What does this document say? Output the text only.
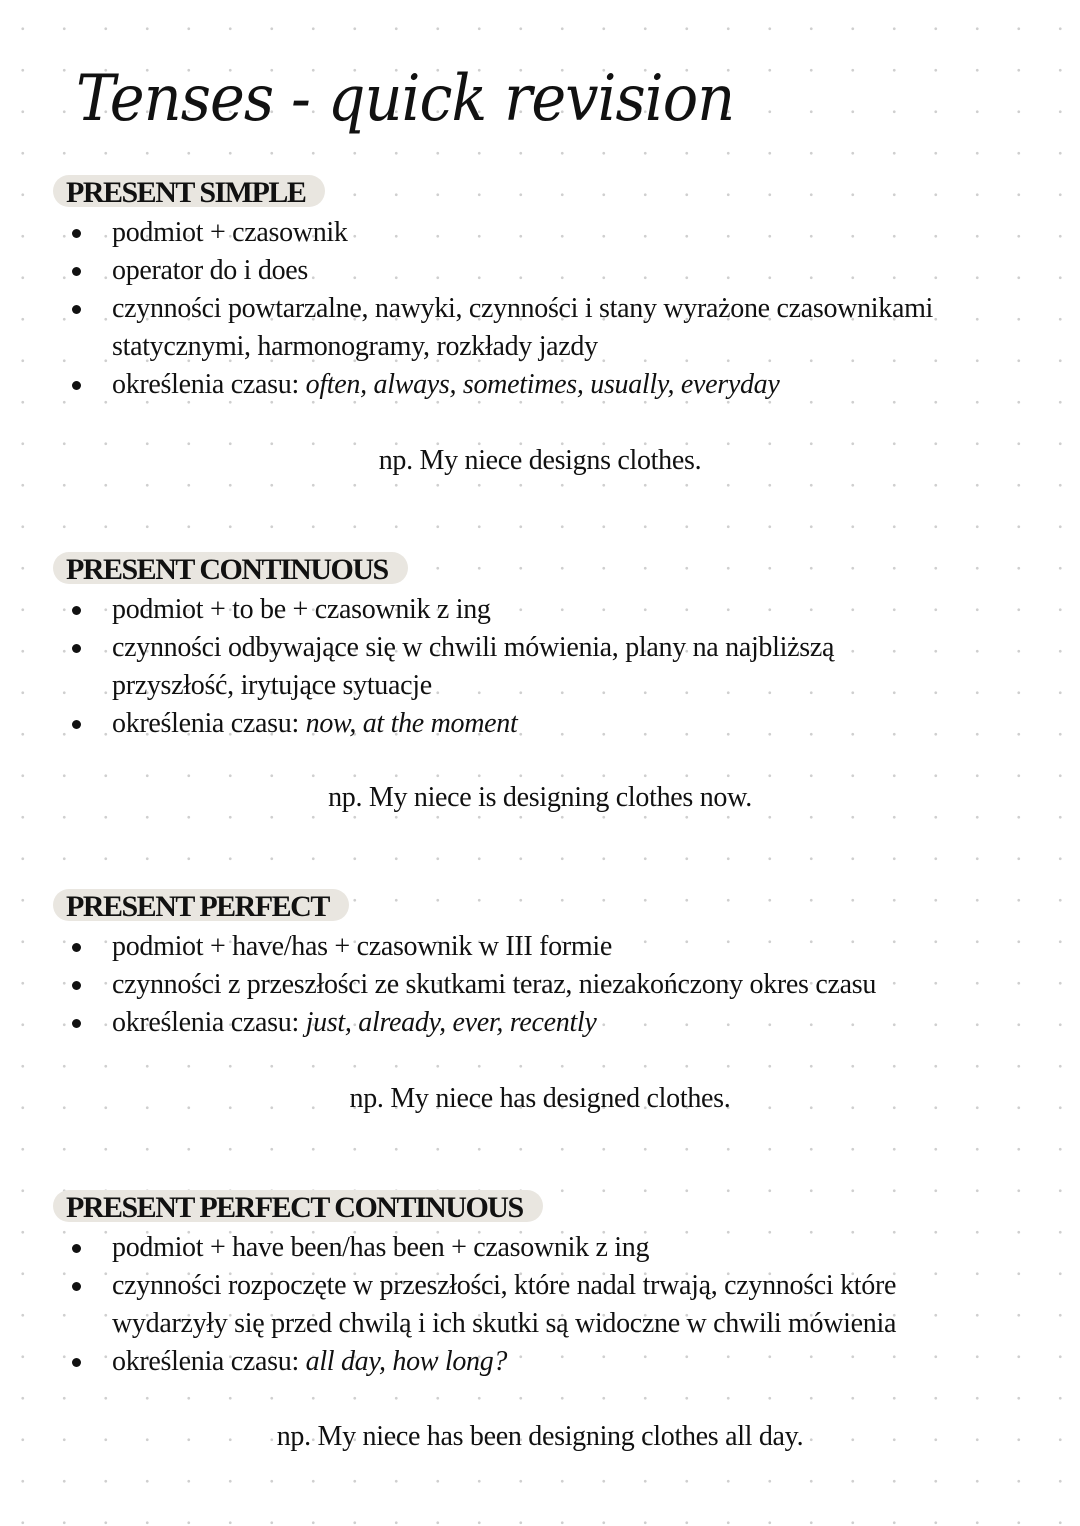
Tenses - quick revision
PRESENT SIMPLE
podmiot + czasownik
operator do i does
czynności powtarzalne, nawyki, czynności i stany wyrażone czasownikami statycznymi, harmonogramy, rozkłady jazdy
określenia czasu: often, always, sometimes, usually, everyday
np. My niece designs clothes.
PRESENT CONTINUOUS
podmiot + to be + czasownik z ing
czynności odbywające się w chwili mówienia, plany na najbliższą przyszłość, irytujące sytuacje
określenia czasu: now, at the moment
np. My niece is designing clothes now.
PRESENT PERFECT
podmiot + have/has + czasownik w III formie
czynności z przeszłości ze skutkami teraz, niezakończony okres czasu
określenia czasu: just, already, ever, recently
np. My niece has designed clothes.
PRESENT PERFECT CONTINUOUS
podmiot + have been/has been + czasownik z ing
czynności rozpoczęte w przeszłości, które nadal trwają, czynności które wydarzyły się przed chwilą i ich skutki są widoczne w chwili mówienia
określenia czasu: all day, how long?
np. My niece has been designing clothes all day.
